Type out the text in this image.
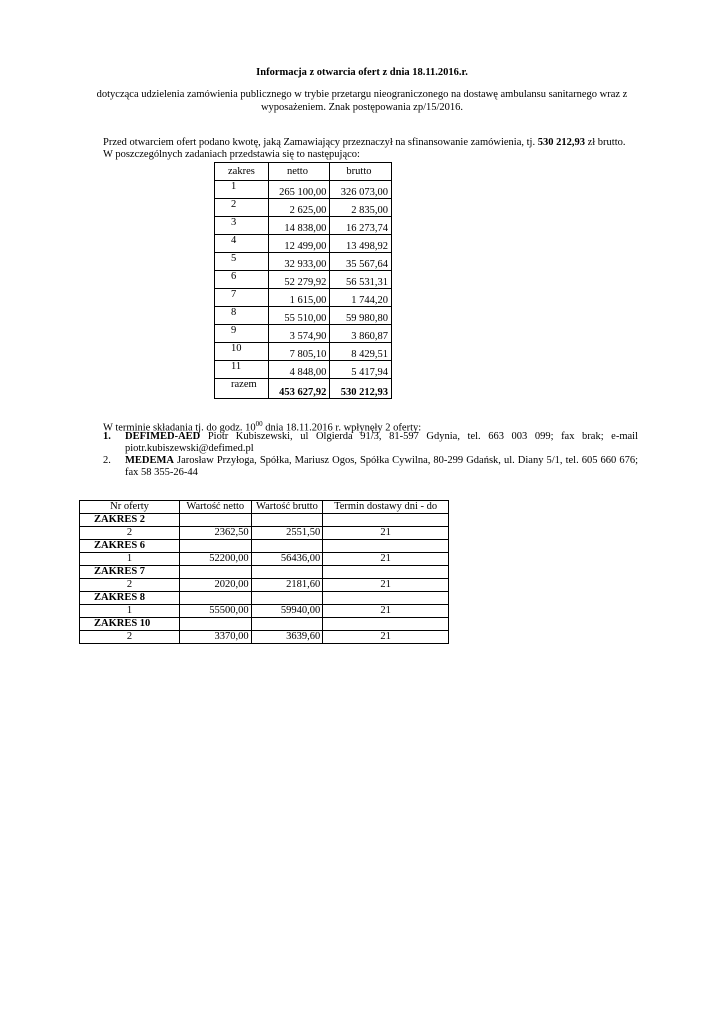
Informacja z otwarcia ofert z dnia 18.11.2016.r.
dotycząca udzielenia zamówienia publicznego w trybie przetargu nieograniczonego na dostawę ambulansu sanitarnego wraz z wyposażeniem. Znak postępowania zp/15/2016.
Przed otwarciem ofert podano kwotę, jaką Zamawiający przeznaczył na sfinansowanie zamówienia, tj. 530 212,93 zł brutto.
W poszczególnych zadaniach przedstawia się to następująco:
zakres	netto	brutto
1	265 100,00	326 073,00
2	2 625,00	2 835,00
3	14 838,00	16 273,74
4	12 499,00	13 498,92
5	32 933,00	35 567,64
6	52 279,92	56 531,31
7	1 615,00	1 744,20
8	55 510,00	59 980,80
9	3 574,90	3 860,87
10	7 805,10	8 429,51
11	4 848,00	5 417,94
razem	453 627,92	530 212,93
W terminie składania tj. do godz. $10^{00}$ dnia 18.11.2016 r. wpłynęły 2 oferty:
1. DEFIMED-AED Piotr Kubiszewski, ul Olgierda 91/3, 81-597 Gdynia, tel. 663 003 099; fax brak; e-mail piotr.kubiszewski@defimed.pl
2. MEDEMA Jarosław Przyłoga, Spółka, Mariusz Ogos, Spółka Cywilna, 80-299 Gdańsk, ul. Diany 5/1, tel. 605 660 676; fax 58 355-26-44
Nr oferty	Wartość netto	Wartość brutto	Termin dostawy dni - do
ZAKRES 2			
2	2362,50	2551,50	21
ZAKRES 6			
1	52200,00	56436,00	21
ZAKRES 7			
2	2020,00	2181,60	21
ZAKRES 8			
1	55500,00	59940,00	21
ZAKRES 10			
2	3370,00	3639,60	21
